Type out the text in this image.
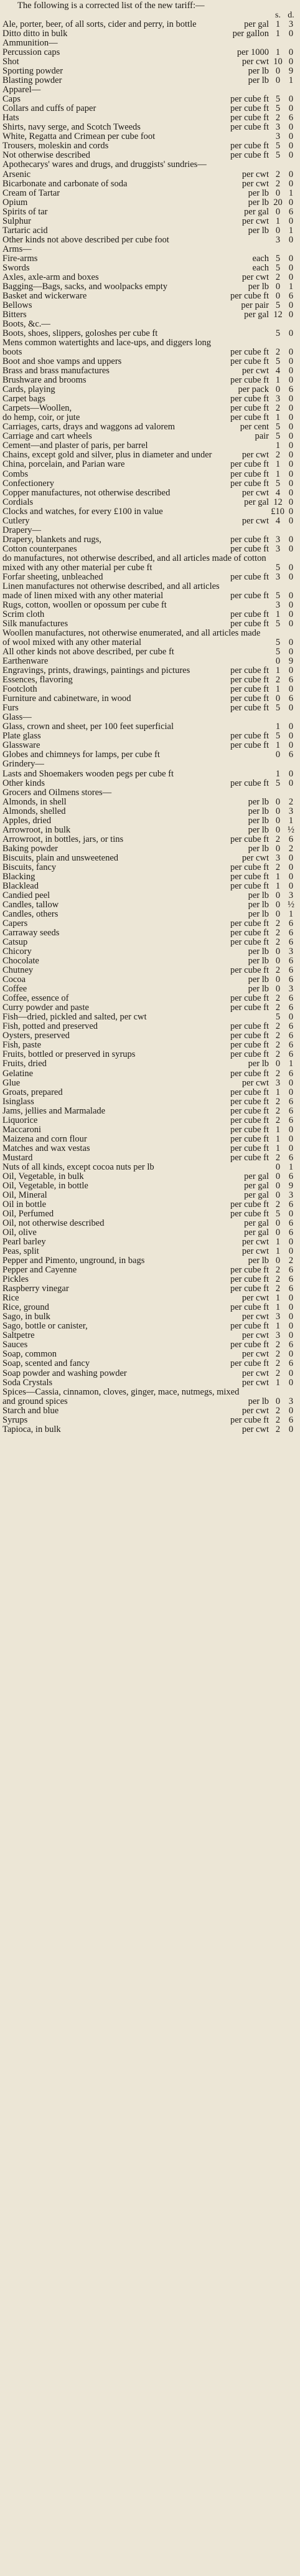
The following is a corrected list of the new tariff:—

s. d.
Ale, porter, beer, of all sorts, cider and perry, in bottle	per gal 1 3
Ditto ditto in bulk	per gallon 1 0
Ammunition—
Percussion caps	per 1000 1 0
Shot	per cwt 10 0
Sporting powder	per lb 0 9
Blasting powder	per lb 0 1
Apparel—
Caps	per cube ft 5 0
Collars and cuffs of paper	per cube ft 5 0
Hats	per cube ft 2 6
Shirts, navy serge, and Scotch Tweeds	per cube ft 3 0
White, Regatta and Crimean per cube foot	3 0
Trousers, moleskin and cords	per cube ft 5 0
Not otherwise described	per cube ft 5 0
Apothecarys' wares and drugs, and druggists' sundries—
Arsenic	per cwt 2 0
Bicarbonate and carbonate of soda	per cwt 2 0
Cream of Tartar	per lb 0 1
Opium	per lb 20 0
Spirits of tar	per gal 0 6
Sulphur	per cwt 1 0
Tartaric acid	per lb 0 1
Other kinds not above described per cube foot	3 0
Arms—
Fire-arms	each 5 0
Swords	each 5 0
Axles, axle-arm and boxes	per cwt 2 0
Bagging—Bags, sacks, and woolpacks empty	per lb 0 1
Basket and wickerware	per cube ft 0 6
Bellows	per pair 5 0
Bitters	per gal 12 0
Boots, &c.—
Boots, shoes, slippers, goloshes per cube ft	5 0
Mens common watertights and lace-ups, and diggers long boots	per cube ft 2 0
Boot and shoe vamps and uppers	per cube ft 5 0
Brass and brass manufactures	per cwt 4 0
Brushware and brooms	per cube ft 1 0
Cards, playing	per pack 0 6
Carpet bags	per cube ft 3 0
Carpets—Woollen,	per cube ft 2 0
do hemp, coir, or jute	per cube ft 1 0
Carriages, carts, drays and waggons ad valorem	per cent 5 0
Carriage and cart wheels	pair 5 0
Cement—and plaster of paris, per barrel	1 0
Chains, except gold and silver, plus in diameter and under	per cwt 2 0
China, porcelain, and Parian ware	per cube ft 1 0
Combs	per cube ft 1 0
Confectionery	per cube ft 5 0
Copper manufactures, not otherwise described	per cwt 4 0
Cordials	per gal 12 0
Clocks and watches, for every £100 in value	£10 0
Cutlery	per cwt 4 0
Drapery—
Drapery, blankets and rugs,	per cube ft 3 0
Cotton counterpanes	per cube ft 3 0
do manufactures, not otherwise described, and all articles made of cotton mixed with any other material per cube ft	5 0
Forfar sheeting, unbleached	per cube ft 3 0
Linen manufactures not otherwise described, and all articles made of linen mixed with any other material	per cube ft 5 0
Rugs, cotton, woollen or opossum per cube ft	3 0
Scrim cloth	per cube ft 1 0
Silk manufactures	per cube ft 5 0
Woollen manufactures, not otherwise enumerated, and all articles made of wool mixed with any other material	5 0
All other kinds not above described, per cube ft	5 0
Earthenware	0 9
Engravings, prints, drawings, paintings and pictures	per cube ft 1 0
Essences, flavoring	per cube ft 2 6
Footcloth	per cube ft 1 0
Furniture and cabinetware, in wood	per cube ft 0 6
Furs	per cube ft 5 0
Glass—
Glass, crown and sheet, per 100 feet superficial	1 0
Plate glass	per cube ft 5 0
Glassware	per cube ft 1 0
Globes and chimneys for lamps, per cube ft	0 6
Grindery—
Lasts and Shoemakers wooden pegs per cube ft	1 0
Other kinds	per cube ft 5 0
Grocers and Oilmens stores—
Almonds, in shell	per lb 0 2
Almonds, shelled	per lb 0 3
Apples, dried	per lb 0 1
Arrowroot, in bulk	per lb 0 ½
Arrowroot, in bottles, jars, or tins	per cube ft 2 6
Baking powder	per lb 0 2
Biscuits, plain and unsweetened	per cwt 3 0
Biscuits, fancy	per cube ft 2 0
Blacking	per cube ft 1 0
Blacklead	per cube ft 1 0
Candied peel	per lb 0 3
Candles, tallow	per lb 0 ½
Candles, others	per lb 0 1
Capers	per cube ft 2 6
Carraway seeds	per cube ft 2 6
Catsup	per cube ft 2 6
Chicory	per lb 0 3
Chocolate	per lb 0 6
Chutney	per cube ft 2 6
Cocoa	per lb 0 6
Coffee	per lb 0 3
Coffee, essence of	per cube ft 2 6
Curry powder and paste	per cube ft 2 6
Fish—dried, pickled and salted, per cwt	5 0
Fish, potted and preserved	per cube ft 2 6
Oysters, preserved	per cube ft 2 6
Fish, paste	per cube ft 2 6
Fruits, bottled or preserved in syrups	per cube ft 2 6
Fruits, dried	per lb 0 1
Gelatine	per cube ft 2 6
Glue	per cwt 3 0
Groats, prepared	per cube ft 1 0
Isinglass	per cube ft 2 6
Jams, jellies and Marmalade	per cube ft 2 6
Liquorice	per cube ft 2 6
Maccaroni	per cube ft 1 0
Maizena and corn flour	per cube ft 1 0
Matches and wax vestas	per cube ft 1 0
Mustard	per cube ft 2 6
Nuts of all kinds, except cocoa nuts per lb	0 1
Oil, Vegetable, in bulk	per gal 0 6
Oil, Vegetable, in bottle	per gal 0 9
Oil, Mineral	per gal 0 3
Oil in bottle	per cube ft 2 6
Oil, Perfumed	per cube ft 5 0
Oil, not otherwise described	per gal 0 6
Oil, olive	per gal 0 6
Pearl barley	per cwt 1 0
Peas, split	per cwt 1 0
Pepper and Pimento, unground, in bags	per lb 0 2
Pepper and Cayenne	per cube ft 2 6
Pickles	per cube ft 2 6
Raspberry vinegar	per cube ft 2 6
Rice	per cwt 1 0
Rice, ground	per cube ft 1 0
Sago, in bulk	per cwt 3 0
Sago, bottle or canister,	per cube ft 1 0
Saltpetre	per cwt 3 0
Sauces	per cube ft 2 6
Soap, common	per cwt 2 0
Soap, scented and fancy	per cube ft 2 6
Soap powder and washing powder	per cwt 2 0
Soda Crystals	per cwt 1 0
Spices—Cassia, cinnamon, cloves, ginger, mace, nutmegs, mixed and ground spices	per lb 0 3
Starch and blue	per cwt 2 0
Syrups	per cube ft 2 6
Tapioca, in bulk	per cwt 2 0
